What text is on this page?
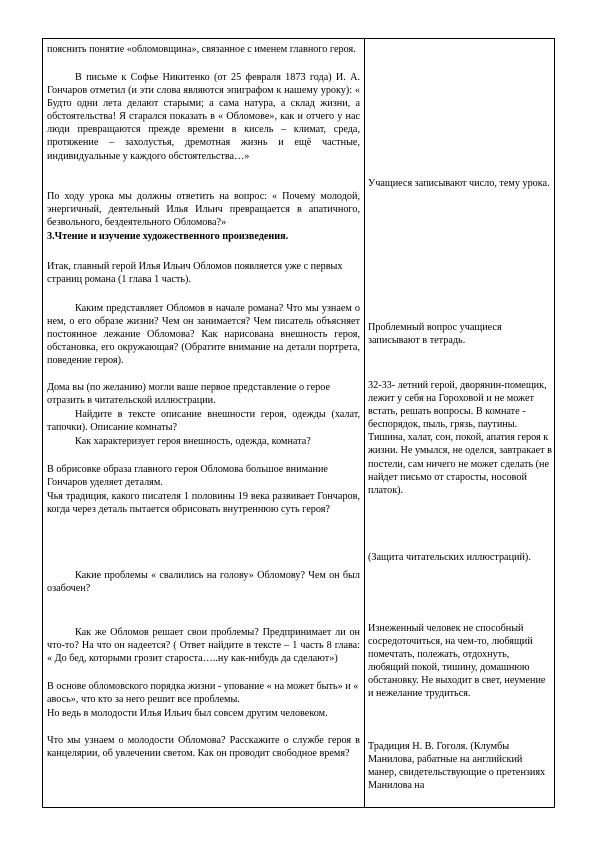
пояснить понятие «обломовщина», связанное с именем главного героя.

В письме к Софье Никитенко (от 25 февраля 1873 года) И. А. Гончаров отметил (и эти слова являются эпиграфом к нашему уроку): « Будто одни лета делают старыми; а сама натура, а склад жизни, а обстоятельства! Я старался показать в « Обломове», как и отчего у нас люди превращаются прежде времени в кисель – климат, среда, протяжение – захолустья, дремотная жизнь и ещё частные, индивидуальные у каждого обстоятельства…»

По ходу урока мы должны ответить на вопрос: « Почему молодой, энергичный, деятельный Илья Ильич превращается в апатичного, безвольного, бездеятельного Обломова?»

3.Чтение и изучение художественного произведения.

Итак, главный герой Илья Ильич Обломов появляется уже с первых страниц романа (1 глава 1 часть).

Каким представляет Обломов в начале романа? Что мы узнаем о нем, о его образе жизни? Чем он занимается? Чем писатель объясняет постоянное лежание Обломова? Как нарисована внешность героя, обстановка, его окружающая? (Обратите внимание на детали портрета, поведение героя).

Дома вы (по желанию) могли ваше первое представление о герое отразить в читательской иллюстрации.

Найдите в тексте описание внешности героя, одежды (халат, тапочки). Описание комнаты?

Как характеризует героя внешность, одежда, комната?

В обрисовке образа главного героя Обломова большое внимание Гончаров уделяет деталям.

Чья традиция, какого писателя 1 половины 19 века развивает Гончаров, когда через деталь пытается обрисовать внутреннюю суть героя?

Какие проблемы « свалились на голову» Обломову? Чем он был озабочен?

Как же Обломов решает свои проблемы? Предпринимает ли он что-то? На что он надеется? ( Ответ найдите в тексте – 1 часть 8 глава: « До бед, которыми грозит староста…..ну как-нибудь да сделают»)

В основе обломовского порядка жизни - упование « на может быть» и « авось», что кто за него решит все проблемы.

Но ведь в молодости Илья Ильич был совсем другим человеком.

Что мы узнаем о молодости Обломова? Расскажите о службе героя в канцелярии, об увлечении светом. Как он проводит свободное время?

Учащиеся записывают число, тему урока.

Проблемный вопрос учащиеся записывают в тетрадь.

32-33- летний герой, дворянин-помещик, лежит у себя на Гороховой и не может встать, решать вопросы. В комнате - беспорядок, пыль, грязь, паутины. Тишина, халат, сон, покой, апатия героя к жизни. Не умылся, не оделся, завтракает в постели, сам ничего не может сделать (не найдет письмо от старосты, носовой платок).

(Защита читательских иллюстраций).

Изнеженный человек не способный сосредоточиться, на чем-то, любящий помечтать, полежать, отдохнуть, любящий покой, тишину, домашнюю обстановку. Не выходит в свет, неумение и нежелание трудиться.

Традиция Н. В. Гоголя. (Клумбы Манилова, рабатные на английский манер, свидетельствующие о претензиях Манилова на
